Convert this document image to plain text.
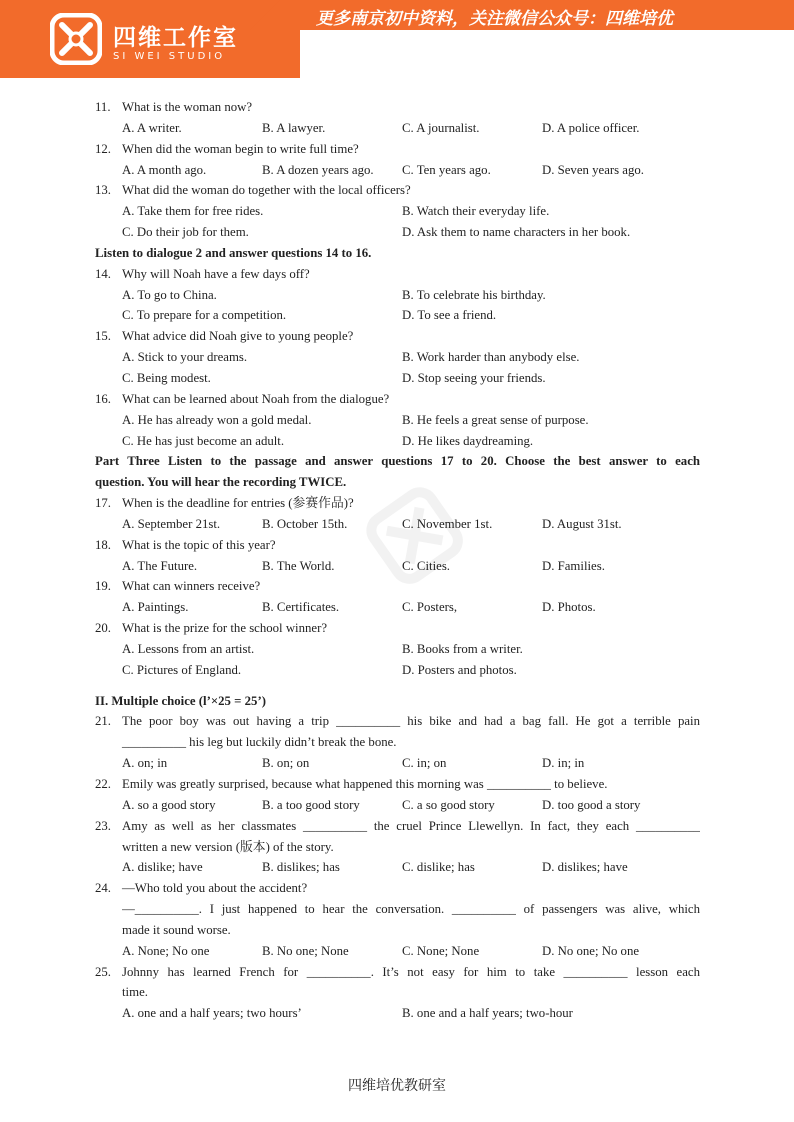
四维工作室
SI WEI STUDIO
更多南京初中资料，关注微信公众号：四维培优
11. What is the woman now?
A. A writer.	B. A lawyer.	C. A journalist.	D. A police officer.
12. When did the woman begin to write full time?
A. A month ago.	B. A dozen years ago. C. Ten years ago.	D. Seven years ago.
13. What did the woman do together with the local officers?
A. Take them for free rides.	B. Watch their everyday life.
C. Do their job for them.	D. Ask them to name characters in her book.
Listen to dialogue 2 and answer questions 14 to 16.
14. Why will Noah have a few days off?
A. To go to China.	B. To celebrate his birthday.
C. To prepare for a competition.	D. To see a friend.
15. What advice did Noah give to young people?
A. Stick to your dreams.	B. Work harder than anybody else.
C. Being modest.	D. Stop seeing your friends.
16. What can be learned about Noah from the dialogue?
A. He has already won a gold medal.	B. He feels a great sense of purpose.
C. He has just become an adult.	D. He likes daydreaming.
Part Three Listen to the passage and answer questions 17 to 20. Choose the best answer to each
question. You will hear the recording TWICE.
17. When is the deadline for entries (参赛作品)?
A. September 21st.	B. October 15th.	C. November 1st.	D. August 31st.
18. What is the topic of this year?
A. The Future.	B. The World.	C. Cities.	D. Families.
19. What can winners receive?
A. Paintings.	B. Certificates.	C. Posters,	D. Photos.
20. What is the prize for the school winner?
A. Lessons from an artist.	B. Books from a writer.
C. Pictures of England.	D. Posters and photos.
II. Multiple choice (l’×25 = 25’)
21. The poor boy was out having a trip __________ his bike and had a bag fall. He got a terrible pain
__________ his leg but luckily didn’t break the bone.
A. on; in	B. on; on	C. in; on	D. in; in
22. Emily was greatly surprised, because what happened this morning was __________ to believe.
A. so a good story	B. a too good story	C. a so good story	D. too good a story
23. Amy as well as her classmates __________ the cruel Prince Llewellyn. In fact, they each __________
written a new version (版本) of the story.
A. dislike; have	B. dislikes; has	C. dislike; has	D. dislikes; have
24. —Who told you about the accident?
—__________. I just happened to hear the conversation. __________ of passengers was alive, which
made it sound worse.
A. None; No one	B. No one; None	C. None; None	D. No one; No one
25. Johnny has learned French for __________. It’s not easy for him to take __________ lesson each
time.
A. one and a half years; two hours’	B. one and a half years; two-hour
四维培优教研室
